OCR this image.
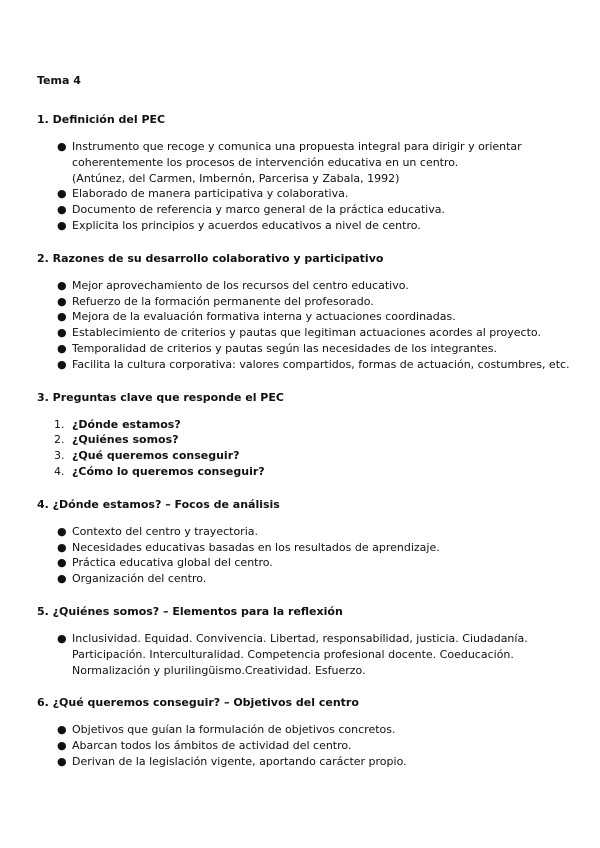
Tema 4
1. Definición del PEC
● Instrumento que recoge y comunica una propuesta integral para dirigir y orientar coherentemente los procesos de intervención educativa en un centro.
(Antúnez, del Carmen, Imbernón, Parcerisa y Zabala, 1992)
● Elaborado de manera participativa y colaborativa.
● Documento de referencia y marco general de la práctica educativa.
● Explicita los principios y acuerdos educativos a nivel de centro.
2. Razones de su desarrollo colaborativo y participativo
● Mejor aprovechamiento de los recursos del centro educativo.
● Refuerzo de la formación permanente del profesorado.
● Mejora de la evaluación formativa interna y actuaciones coordinadas.
● Establecimiento de criterios y pautas que legitiman actuaciones acordes al proyecto.
● Temporalidad de criterios y pautas según las necesidades de los integrantes.
● Facilita la cultura corporativa: valores compartidos, formas de actuación, costumbres, etc.
3. Preguntas clave que responde el PEC
1. ¿Dónde estamos?
2. ¿Quiénes somos?
3. ¿Qué queremos conseguir?
4. ¿Cómo lo queremos conseguir?
4. ¿Dónde estamos? – Focos de análisis
● Contexto del centro y trayectoria.
● Necesidades educativas basadas en los resultados de aprendizaje.
● Práctica educativa global del centro.
● Organización del centro.
5. ¿Quiénes somos? – Elementos para la reflexión
● Inclusividad. Equidad. Convivencia. Libertad, responsabilidad, justicia. Ciudadanía. Participación. Interculturalidad. Competencia profesional docente. Coeducación. Normalización y plurilingüismo.Creatividad. Esfuerzo.
6. ¿Qué queremos conseguir? – Objetivos del centro
● Objetivos que guían la formulación de objetivos concretos.
● Abarcan todos los ámbitos de actividad del centro.
● Derivan de la legislación vigente, aportando carácter propio.
